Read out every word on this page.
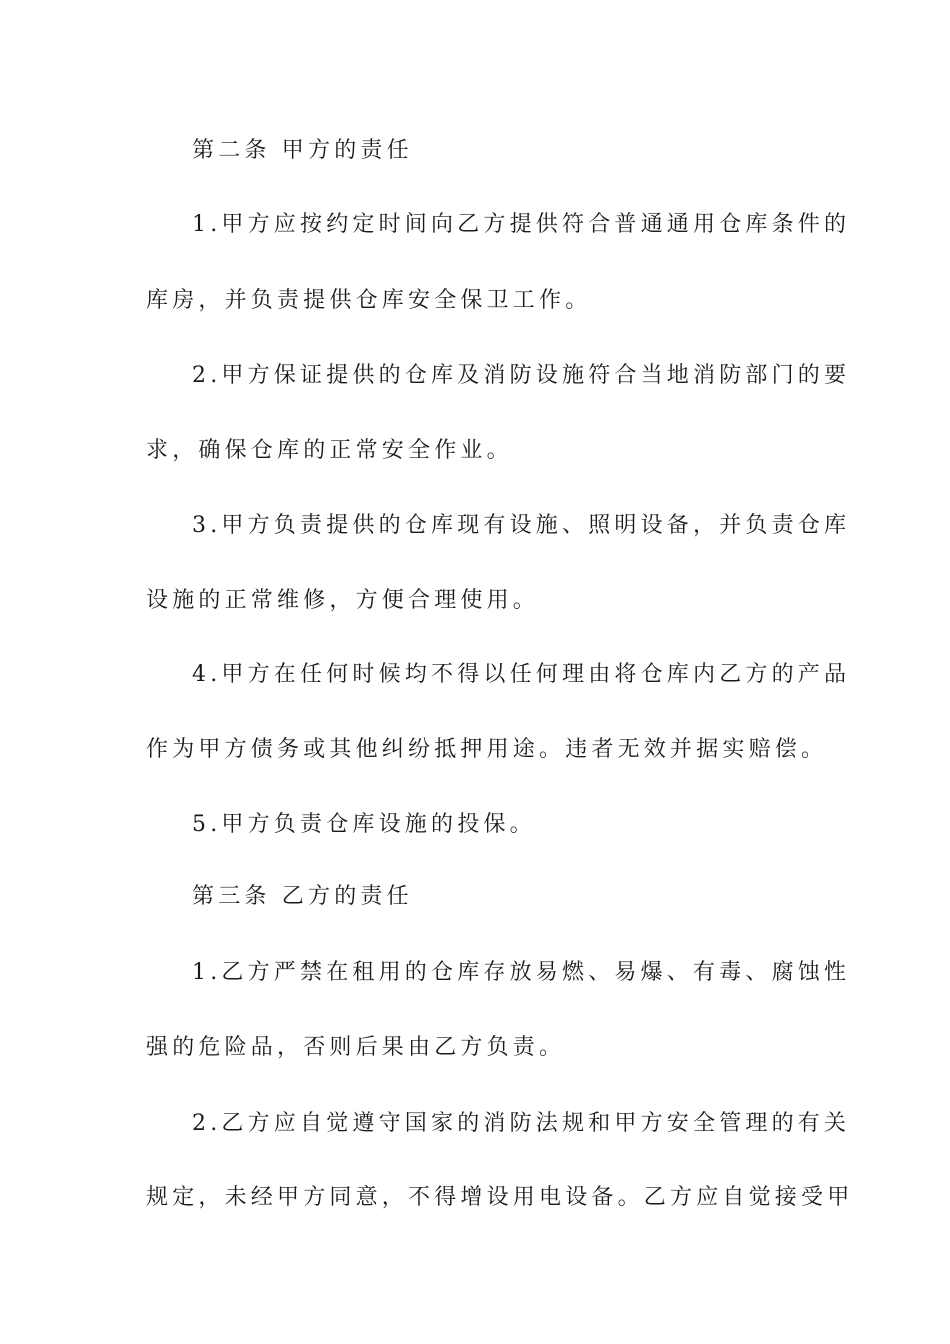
第二条 甲方的责任
1.甲方应按约定时间向乙方提供符合普通通用仓库条件的
库房，并负责提供仓库安全保卫工作。
2.甲方保证提供的仓库及消防设施符合当地消防部门的要
求，确保仓库的正常安全作业。
3.甲方负责提供的仓库现有设施、照明设备，并负责仓库
设施的正常维修，方便合理使用。
4.甲方在任何时候均不得以任何理由将仓库内乙方的产品
作为甲方债务或其他纠纷抵押用途。违者无效并据实赔偿。
5.甲方负责仓库设施的投保。
第三条 乙方的责任
1.乙方严禁在租用的仓库存放易燃、易爆、有毒、腐蚀性
强的危险品，否则后果由乙方负责。
2.乙方应自觉遵守国家的消防法规和甲方安全管理的有关
规定，未经甲方同意，不得增设用电设备。乙方应自觉接受甲
